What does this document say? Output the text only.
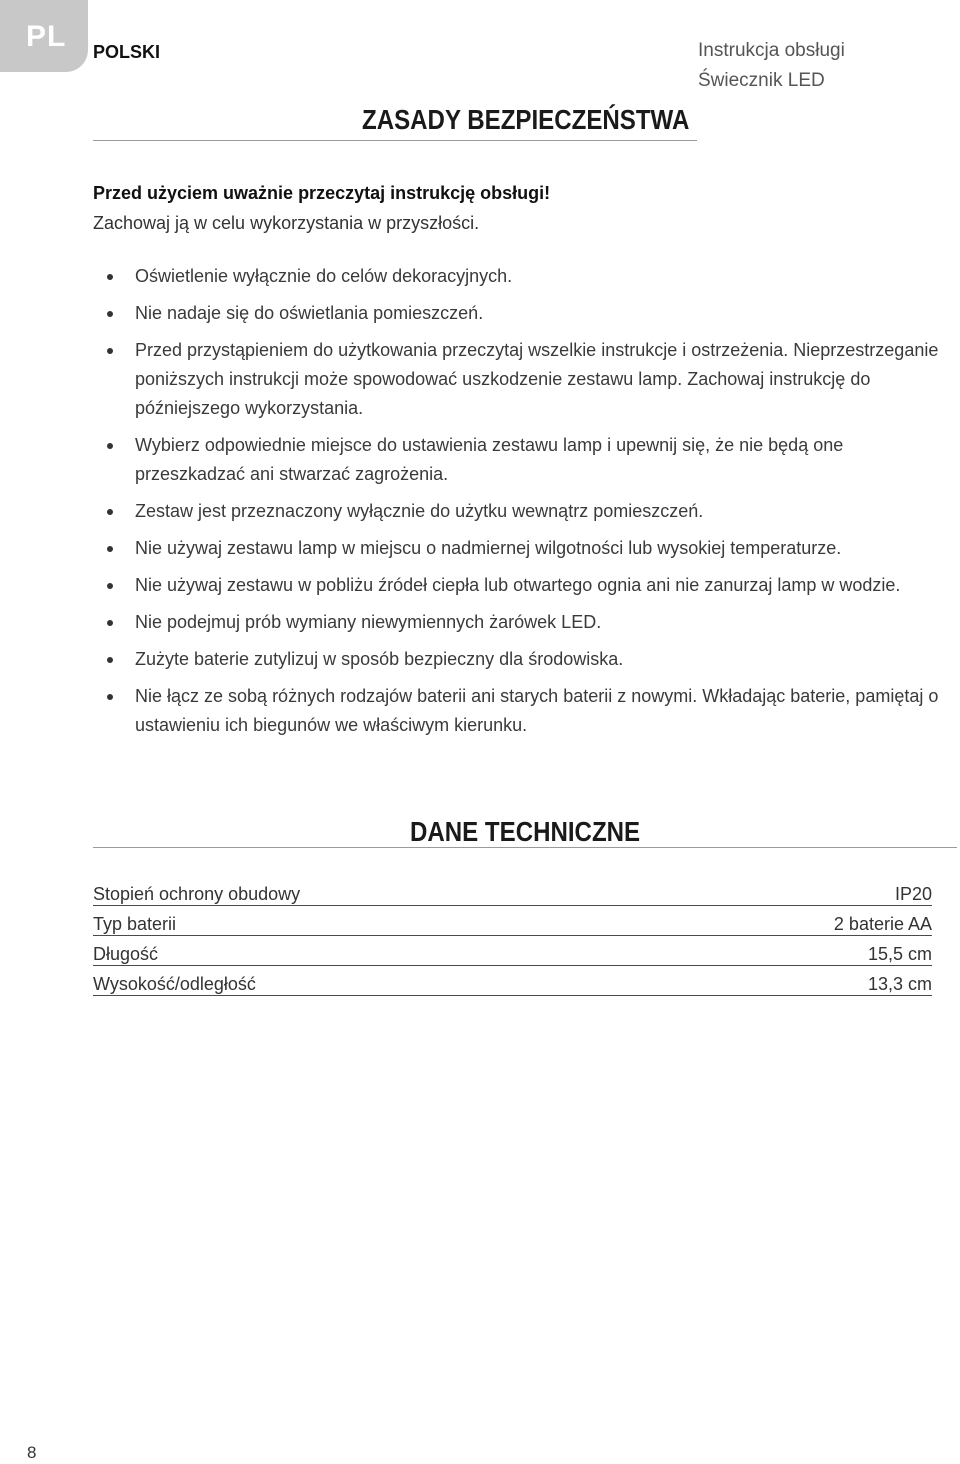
PL POLSKI	Instrukcja obsługi
Świecznik LED
ZASADY BEZPIECZEŃSTWA
Przed użyciem uważnie przeczytaj instrukcję obsługi!
Zachowaj ją w celu wykorzystania w przyszłości.
Oświetlenie wyłącznie do celów dekoracyjnych.
Nie nadaje się do oświetlania pomieszczeń.
Przed przystąpieniem do użytkowania przeczytaj wszelkie instrukcje i ostrzeżenia. Nieprzestrzeganie poniższych instrukcji może spowodować uszkodzenie zestawu lamp. Zachowaj instrukcję do późniejszego wykorzystania.
Wybierz odpowiednie miejsce do ustawienia zestawu lamp i upewnij się, że nie będą one przeszkadzać ani stwarzać zagrożenia.
Zestaw jest przeznaczony wyłącznie do użytku wewnątrz pomieszczeń.
Nie używaj zestawu lamp w miejscu o nadmiernej wilgotności lub wysokiej temperaturze.
Nie używaj zestawu w pobliżu źródeł ciepła lub otwartego ognia ani nie zanurzaj lamp w wodzie.
Nie podejmuj prób wymiany niewymiennych żarówek LED.
Zużyte baterie zutylizuj w sposób bezpieczny dla środowiska.
Nie łącz ze sobą różnych rodzajów baterii ani starych baterii z nowymi. Wkładając baterie, pamiętaj o ustawieniu ich biegunów we właściwym kierunku.
DANE TECHNICZNE
Stopień ochrony obudowy	IP20
Typ baterii	2 baterie AA
Długość	15,5 cm
Wysokość/odległość	13,3 cm
8
